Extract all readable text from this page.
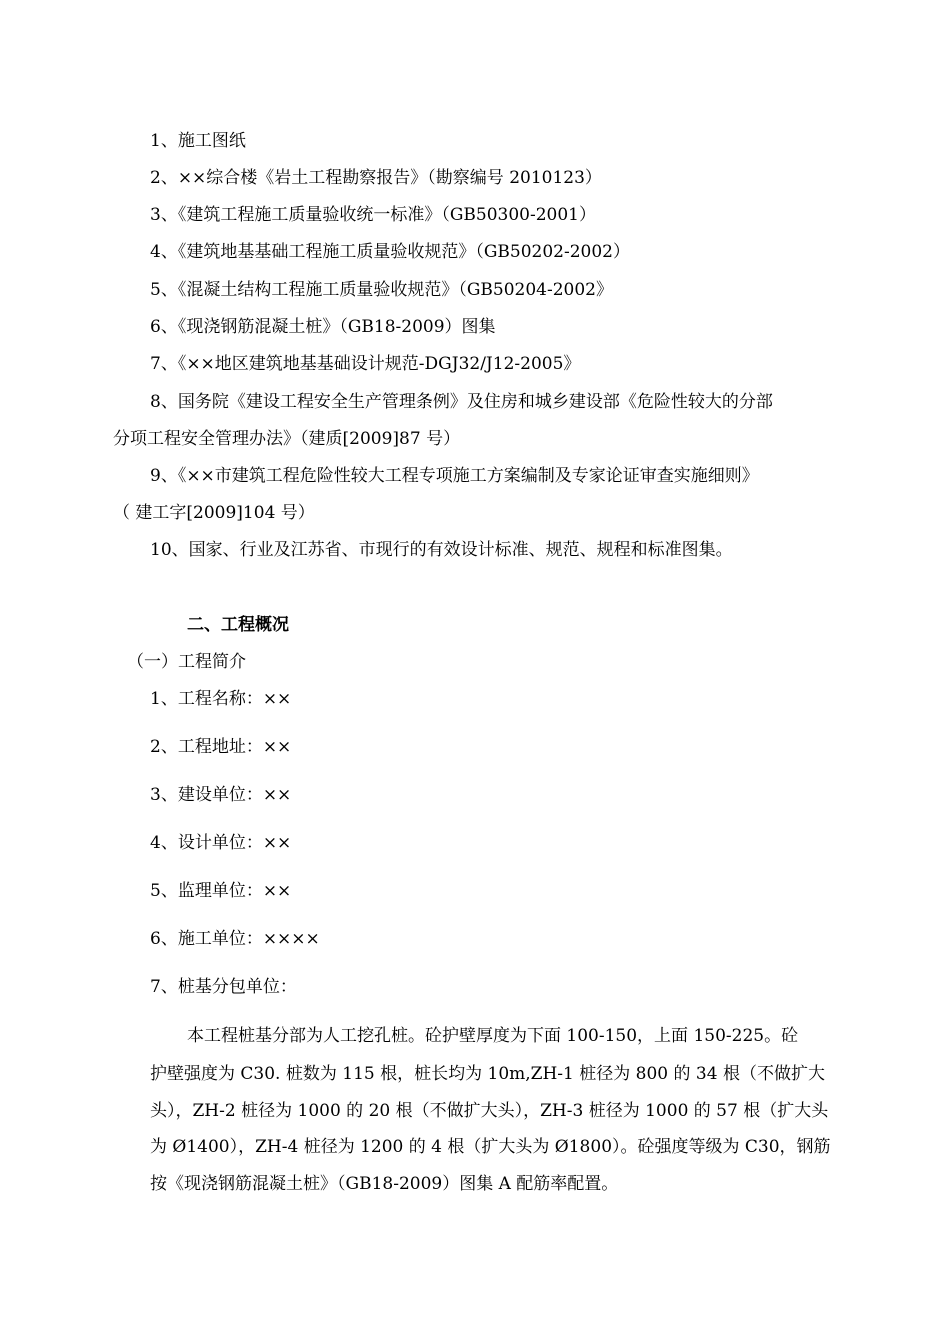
1、施工图纸
2、××综合楼《岩土工程勘察报告》（勘察编号 2010123）
3、《建筑工程施工质量验收统一标准》（GB50300-2001）
4、《建筑地基基础工程施工质量验收规范》（GB50202-2002）
5、《混凝土结构工程施工质量验收规范》（GB50204-2002》
6、《现浇钢筋混凝土桩》（GB18-2009）图集
7、《××地区建筑地基基础设计规范-DGJ32/J12-2005》
8、国务院《建设工程安全生产管理条例》及住房和城乡建设部《危险性较大的分部
分项工程安全管理办法》（建质[2009]87 号）
9、《××市建筑工程危险性较大工程专项施工方案编制及专家论证审查实施细则》
（ 建工字[2009]104 号）
10、国家、行业及江苏省、市现行的有效设计标准、规范、规程和标准图集。
二、工程概况
（一）工程简介
1、工程名称：××
2、工程地址：××
3、建设单位：××
4、设计单位：××
5、监理单位：××
6、施工单位：××××
7、桩基分包单位：
本工程桩基分部为人工挖孔桩。砼护壁厚度为下面 100-150，上面 150-225。砼
护壁强度为 C30. 桩数为 115 根，桩长均为 10m,ZH-1 桩径为 800 的 34 根（不做扩大
头），ZH-2 桩径为 1000 的 20 根（不做扩大头），ZH-3 桩径为 1000 的 57 根（扩大头
为 Ø1400），ZH-4 桩径为 1200 的 4 根（扩大头为 Ø1800）。砼强度等级为 C30，钢筋
按《现浇钢筋混凝土桩》（GB18-2009）图集 A 配筋率配置。
